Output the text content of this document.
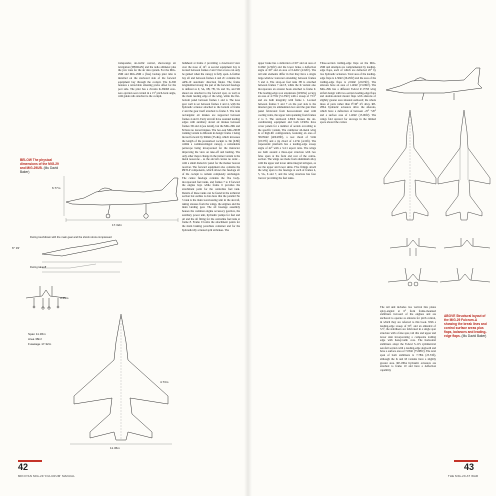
transponder, air-traffic control, short-range air navigation (SHORAN) and the radio altimeter plus the yaw vane for the air data system. For the MiG-29M and MiG-29M a (free) backup pitot tube is installed on the starboard side of the forward equipment bay through the cockpit. The K-360 features a retractable situating probe offset for the port side. The pilot has a Zvezda K-36DM zero-zero ejection seat carried in a 15° pitch-back angle, with guide rails attached to the cockpit.

bulkhead at frame 2 providing a downward view over the nose of 14°. A second equipment bay is located between frames 2 and 3 but access can only be gained when the canopy is fully open. A further bay aft and between frames 4 and 2C contains the APK-10 automatic direction finder. The frame longitudinal strong: the part of the forward fuselage is defined as 0, 5A, 6B, 7B, 5G and 3G, and 9D ahead are attached to the forward spar, as well as the main leading edge of the wing, while the flat-bottom panel between frames 1 and 4. The nose gear well is set between frames 2 and 4, with the hydraulic actuator attached to the bottom of frame 2 and the gear itself attached to frame 3. The twin rectangular air intakes are supported between frames 4 and 6. Early aircraft have rounded leading edges with auxiliary dorsal air intakes between frames 3D and 4 (see detail), but the MiG-29K and M have no dorsal intakes. The two-seat MiG-29UB training variant is different in design: frame 1 being moved forward by 90mm (35.4in), which increases the length of the pressurised cockpit to 3m (9.8ft) within a common-hinged canopy, a remarkable periscope being incorporated for the instructor improving the view on take-off and landing. The only other major change in the trainer variant is the metal nosecone – as the aircraft carries no radar – with a small dielectric panel for the marker beacon receiver. The forward equipment also contains the PRTI-P components, which allows the fuselage aft of the cockpit to remain completely unchanged. The centre fuselage contains the five body-incorporated fuel tanks, and frames 7 to 0 forward the engine bays while frame 6 provides the attachment point for the centreline fuel tank. Details of these tanks can be found in the technical section but outline is data here that the parallel No 3 tank is the main load-bearing unit in the aircraft, taking stresses from the wings, the engines and the main landing gear. The aft fuselage assembly houses the common engine accessory gearbox, the auxiliary power unit, hydraulic pumps for fuel and oil and the aft fitting for the centreline fuel tank at frame 8. Frame 9 forms the attachment points for the main braking parachute container and for the hydraulically actuated split airbrakes. The

BELOW The physical dimensions of the MiG-29 and MiG-29UB. (Mu David Baker)
17.32m
6.77m
6° 33'
During touchdown with the main gear and the shock struts compressed
During takeoff
3.45m
11.36m
4.73m
Span 11.36m
Area 38m²
Fuselage 17.32m
42
MIKOYAN MIG-29 'FULCRUM' MANUAL

upper brake has a deflection of 60° and an area of 0.43m² (4.59ft²) and the lower brake a deflection angle of 60° and an area of 0.42m² (4.52ft²). The tail unit elements differ in that they have a single large-window louvered extending between frames 3 and 4. The strap-on fuel tank 3B is attached between frames 7 and 8, while the K variant also incorporates an arrester hook attached to frame 9. The leading-edge root extensions (LERXs) occupy an area of 4.77m² (51.35ft²) with a sweep of 73.5° and are built integrally with frame 1. Located between frames 5 and 7 on the port side is the internal gun; its ammunition box and the gun blast panel fabricated from heat-resistant steel with cooling vents, the upper vein spanning from frames 2 to 3. The starboard LERX houses the air-conditioning equipment and both LERXs have cover panels for a number of aerials according to the specific variant. The cantilever all-metal wing is of high-lift configuration, featuring an area of 38.056m² (409.28ft²), a root chord of 5.6m (18.37ft) and a tip chord of 1.27m (4.16ft). The trapezoidal planform has a leading-edge sweep angle of 42° with a 3.4:1 aspect ratio. The wings are built around a three-spar structure with two false spars at the front and rear of the centre-section. The wings are made from aluminium alloy with the upper and lower skins integral stringers, as are the upper and lower skins. Five fittings attach the wing spars to the fuselage at each of frames 4, 5, 5A, 6 and 7, and the wing structure has four 'nerves' providing the fuel tanks.

Three-section trailing-edge flaps on the MiG-29M and uttempts are complemented by leading-edge flaps, each of which are deflected 20° by two hydraulic actuators. Total area of the leading-edge flaps is 4.30m² (26.29ft²) and the area of the trailing-edge flaps is 2.04m² (22.03ft²). The ailerons have an area of 1.40m² (15.06ft²). The MiG-29K has a different TsAGI P-177M wing airfoil design with two-section leading-edge flaps and double-slotted mount flaps with ailerons of slightly greater area situated outboard; the whole mass of parts rather than 0°/40° 4½ alloy. RP-280A hydraulic actuators drive the ailerons, which have a deflection of between -25° +20° and a surface area of 1.40m² (15.06ft²). The wings fold upward for stowage in the limited space aboard the carrier.

The tail unit includes two vertical fins plates splay-angled at 6° from frame-mounted stabilisers in-board of the engines and are anchored to operate as ailerons for pitch control, in which they are referred to this book. With a leading-edge sweep of 50°, and an anhedral of 3.5°, the stabilisers are fabricated in a single spar structure with a false spar, tail ribs and upper and lower skin incorporating a composite trailing edge with honeycomb core. The horizontal stabilisers adopt the TsAGI S-11S symmetrical aerofoil section with a leading-edge dogtooth and have a surface area of 7.05m² (75.88ft²). The total span of both stabilisers is 7.78m (25.53ft), although the K and M variants have a slightly greater area. RP-180A hydraulic actuators are attached to frame 10 and have a deflection capability

ABOVE Structural layout of the MiG-29 Fulcrum-A showing the break lines and control surface areas plus flaps, balances and leading-edge flaps. (Mu David Baker)
43
THE MIG-29 AT WAR
